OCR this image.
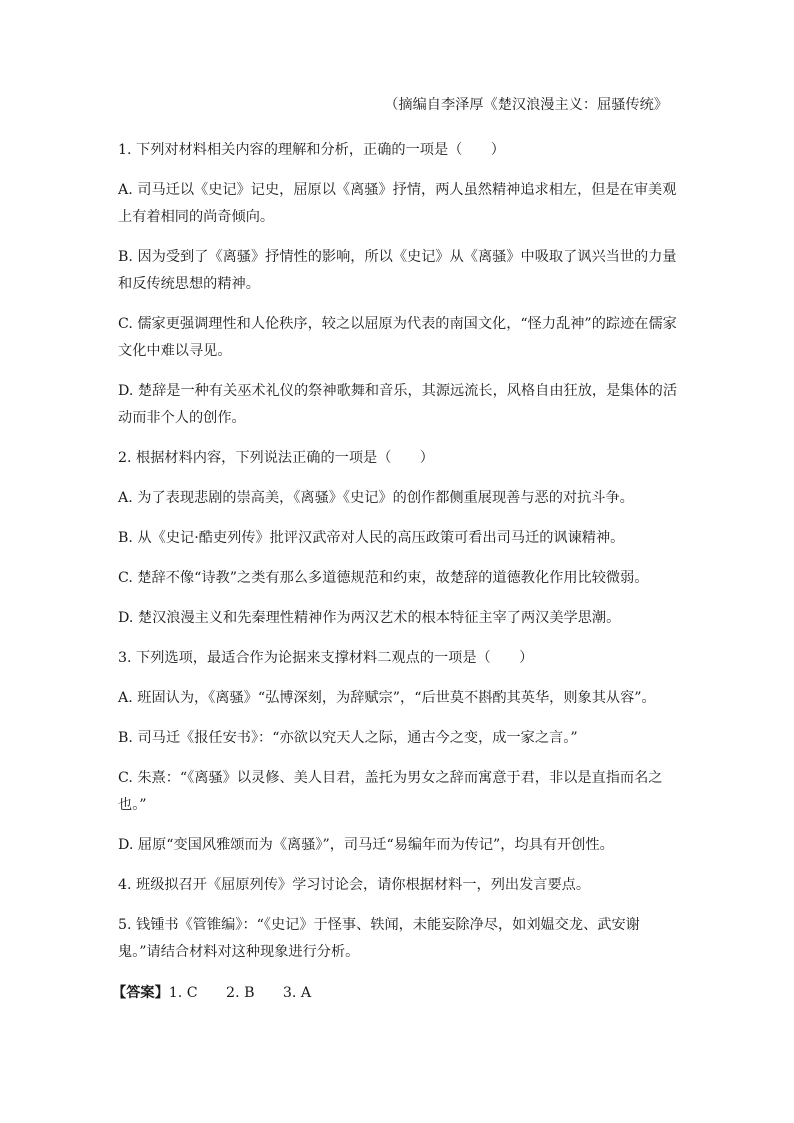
（摘编自李泽厚《楚汉浪漫主义：屈骚传统》

1. 下列对材料相关内容的理解和分析，正确的一项是（　　）

A. 司马迁以《史记》记史，屈原以《离骚》抒情，两人虽然精神追求相左，但是在审美观上有着相同的尚奇倾向。

B. 因为受到了《离骚》抒情性的影响，所以《史记》从《离骚》中吸取了讽兴当世的力量和反传统思想的精神。

C. 儒家更强调理性和人伦秩序，较之以屈原为代表的南国文化，“怪力乱神”的踪迹在儒家文化中难以寻见。

D. 楚辞是一种有关巫术礼仪的祭神歌舞和音乐，其源远流长，风格自由狂放，是集体的活动而非个人的创作。

2. 根据材料内容，下列说法正确的一项是（　　）

A. 为了表现悲剧的崇高美，《离骚》《史记》的创作都侧重展现善与恶的对抗斗争。

B. 从《史记·酷吏列传》批评汉武帝对人民的高压政策可看出司马迁的讽谏精神。

C. 楚辞不像“诗教”之类有那么多道德规范和约束，故楚辞的道德教化作用比较微弱。

D. 楚汉浪漫主义和先秦理性精神作为两汉艺术的根本特征主宰了两汉美学思潮。

3. 下列选项，最适合作为论据来支撑材料二观点的一项是（　　）

A. 班固认为，《离骚》“弘博深刻，为辞赋宗”，“后世莫不斟酌其英华，则象其从容”。

B. 司马迁《报任安书》：“亦欲以究天人之际，通古今之变，成一家之言。”

C. 朱熹：“《离骚》以灵修、美人目君，盖托为男女之辞而寓意于君，非以是直指而名之也。”

D. 屈原“变国风雅颂而为《离骚》”，司马迁“易编年而为传记”，均具有开创性。

4. 班级拟召开《屈原列传》学习讨论会，请你根据材料一，列出发言要点。

5. 钱锺书《管锥编》：“《史记》于怪事、轶闻，未能妄除净尽，如刘媪交龙、武安谢鬼。”请结合材料对这种现象进行分析。

【答案】1. C　　2. B　　3. A
